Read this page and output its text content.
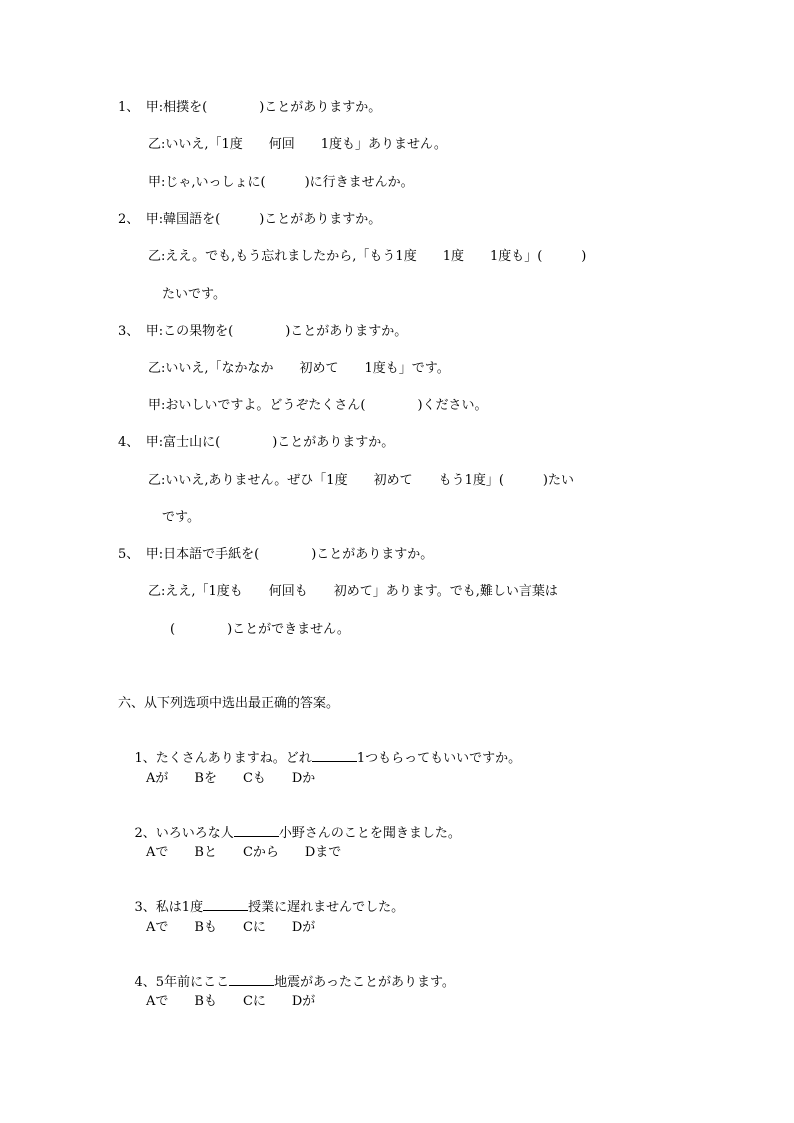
1、　甲:相撲を(　　　　)ことがありますか。
乙:いいえ,「1度　　何回　　1度も」ありません。
甲:じゃ,いっしょに(　　　)に行きませんか。
2、　甲:韓国語を(　　　)ことがありますか。
乙:ええ。でも,もう忘れましたから,「もう1度　　1度　　1度も」(　　　)
たいです。
3、　甲:この果物を(　　　　)ことがありますか。
乙:いいえ,「なかなか　　初めて　　1度も」です。
甲:おいしいですよ。どうぞたくさん(　　　　)ください。
4、　甲:富士山に(　　　　)ことがありますか。
乙:いいえ,ありません。ぜひ「1度　　初めて　　もう1度」(　　　)たい
です。
5、　甲:日本語で手紙を(　　　　)ことがありますか。
乙:ええ,「1度も　　何回も　　初めて」あります。でも,難しい言葉は
(　　　　)ことができません。
六、从下列选项中选出最正确的答案。

1、たくさんありますね。どれ	1つもらってもいいですか。

Aが　　Bを　　Cも　　Dか

2、いろいろな人	小野さんのことを聞きました。

Aで　　Bと　　Cから　　Dまで

3、私は1度	授業に遅れませんでした。

Aで　　Bも　　Cに　　Dが

4、5年前にここ	地震があったことがあります。

Aで　　Bも　　Cに　　Dが
